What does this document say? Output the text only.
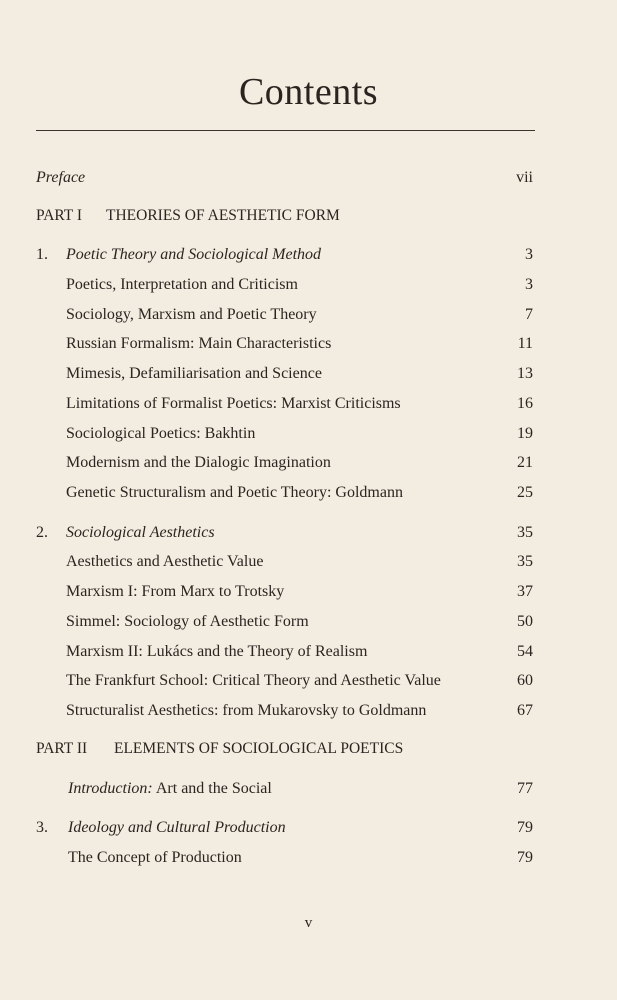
Contents
Preface	vii
PART I THEORIES OF AESTHETIC FORM
1. Poetic Theory and Sociological Method	3
Poetics, Interpretation and Criticism	3
Sociology, Marxism and Poetic Theory	7
Russian Formalism: Main Characteristics	11
Mimesis, Defamiliarisation and Science	13
Limitations of Formalist Poetics: Marxist Criticisms	16
Sociological Poetics: Bakhtin	19
Modernism and the Dialogic Imagination	21
Genetic Structuralism and Poetic Theory: Goldmann	25
2. Sociological Aesthetics	35
Aesthetics and Aesthetic Value	35
Marxism I: From Marx to Trotsky	37
Simmel: Sociology of Aesthetic Form	50
Marxism II: Lukács and the Theory of Realism	54
The Frankfurt School: Critical Theory and Aesthetic Value	60
Structuralist Aesthetics: from Mukarovsky to Goldmann	67
PART II ELEMENTS OF SOCIOLOGICAL POETICS
Introduction: Art and the Social	77
3. Ideology and Cultural Production	79
The Concept of Production	79
v
